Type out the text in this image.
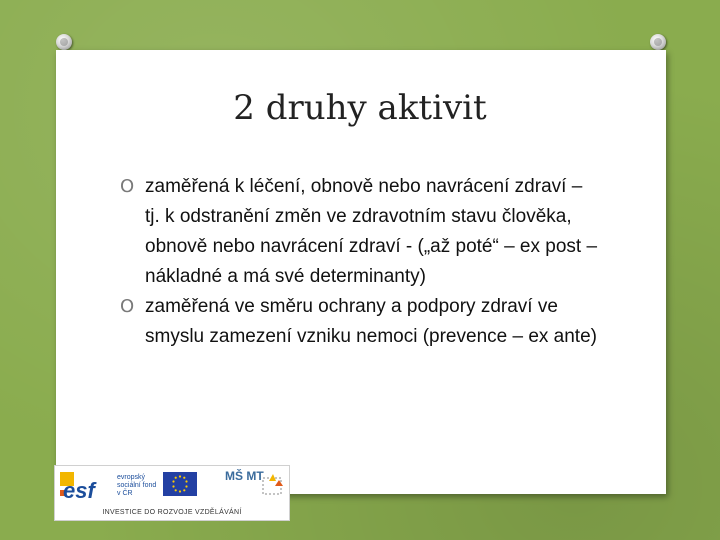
2 druhy aktivit
O zaměřená k léčení, obnově nebo navrácení zdraví – tj. k odstranění změn ve zdravotním stavu člověka, obnově nebo navrácení zdraví - („až poté“ – ex post – nákladné a má své determinanty)
O zaměřená ve směru ochrany a podpory zdraví ve smyslu zamezení vzniku nemoci (prevence – ex ante)
esf
evropský sociální fond v ČR
MŠ MT
INVESTICE DO ROZVOJE VZDĚLÁVÁNÍ
